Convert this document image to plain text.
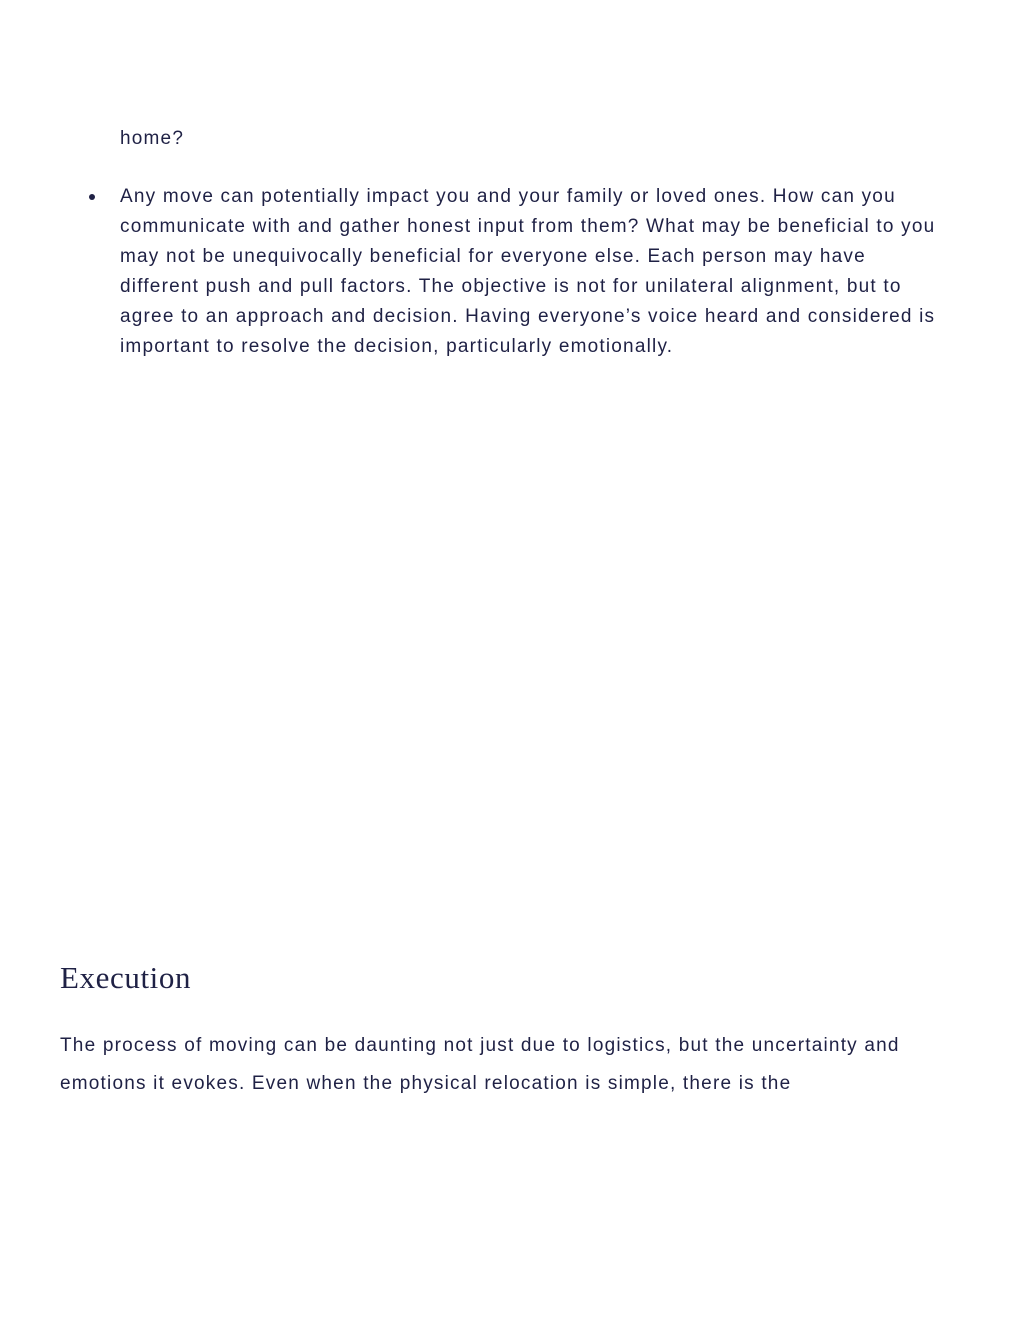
home?

Any move can potentially impact you and your family or loved ones. How can you communicate with and gather honest input from them? What may be beneficial to you may not be unequivocally beneficial for everyone else. Each person may have different push and pull factors. The objective is not for unilateral alignment, but to agree to an approach and decision. Having everyone’s voice heard and considered is important to resolve the decision, particularly emotionally.
Execution

The process of moving can be daunting not just due to logistics, but the uncertainty and emotions it evokes. Even when the physical relocation is simple, there is the
